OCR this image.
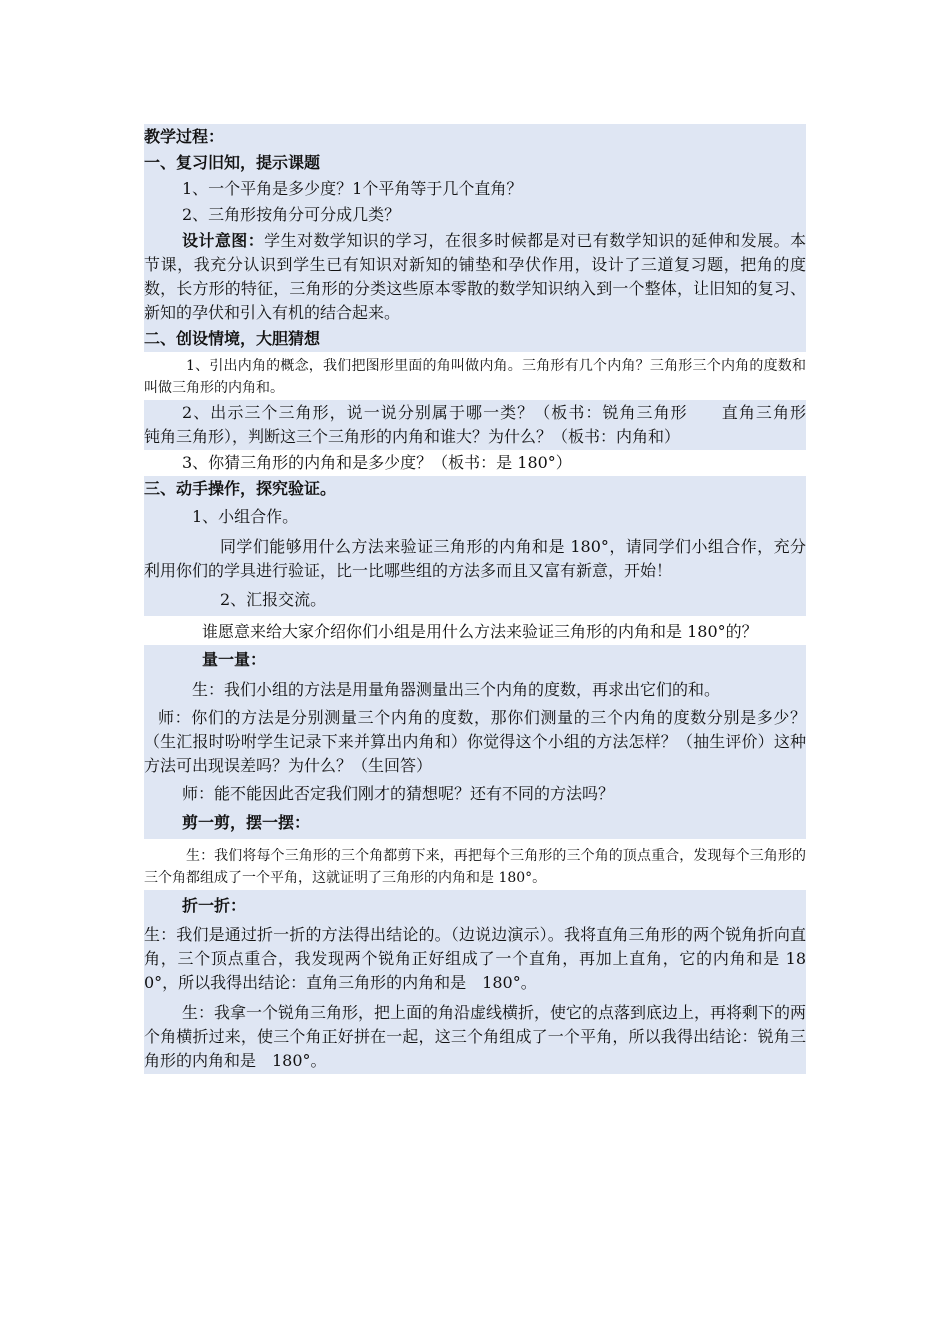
教学过程：

一、复习旧知，提示课题

1、一个平角是多少度？1个平角等于几个直角？

2、三角形按角分可分成几类？

设计意图：学生对数学知识的学习，在很多时候都是对已有数学知识的延伸和发展。本节课，我充分认识到学生已有知识对新知的铺垫和孕伏作用，设计了三道复习题，把角的度数，长方形的特征，三角形的分类这些原本零散的数学知识纳入到一个整体，让旧知的复习、新知的孕伏和引入有机的结合起来。

二、创设情境，大胆猜想

1、引出内角的概念，我们把图形里面的角叫做内角。三角形有几个内角？三角形三个内角的度数和叫做三角形的内角和。

2、出示三个三角形，说一说分别属于哪一类？（板书：锐角三角形　　直角三角形　　钝角三角形），判断这三个三角形的内角和谁大？为什么？（板书：内角和）

3、你猜三角形的内角和是多少度？（板书：是 180°）

三、动手操作，探究验证。

1、小组合作。

同学们能够用什么方法来验证三角形的内角和是 180°，请同学们小组合作，充分利用你们的学具进行验证，比一比哪些组的方法多而且又富有新意，开始！

2、汇报交流。

谁愿意来给大家介绍你们小组是用什么方法来验证三角形的内角和是 180°的？

量一量：

生：我们小组的方法是用量角器测量出三个内角的度数，再求出它们的和。

师：你们的方法是分别测量三个内角的度数，那你们测量的三个内角的度数分别是多少？（生汇报时吩咐学生记录下来并算出内角和）你觉得这个小组的方法怎样？（抽生评价）这种方法可出现误差吗？为什么？（生回答）

师：能不能因此否定我们刚才的猜想呢？还有不同的方法吗？

剪一剪，摆一摆：

生：我们将每个三角形的三个角都剪下来，再把每个三角形的三个角的顶点重合，发现每个三角形的三个角都组成了一个平角，这就证明了三角形的内角和是 180°。

折一折：

生：我们是通过折一折的方法得出结论的。（边说边演示）。我将直角三角形的两个锐角折向直角，三个顶点重合，我发现两个锐角正好组成了一个直角，再加上直角，它的内角和是 180°，所以我得出结论：直角三角形的内角和是　180°。

生：我拿一个锐角三角形，把上面的角沿虚线横折，使它的点落到底边上，再将剩下的两个角横折过来，使三个角正好拼在一起，这三个角组成了一个平角，所以我得出结论：锐角三角形的内角和是　180°。
